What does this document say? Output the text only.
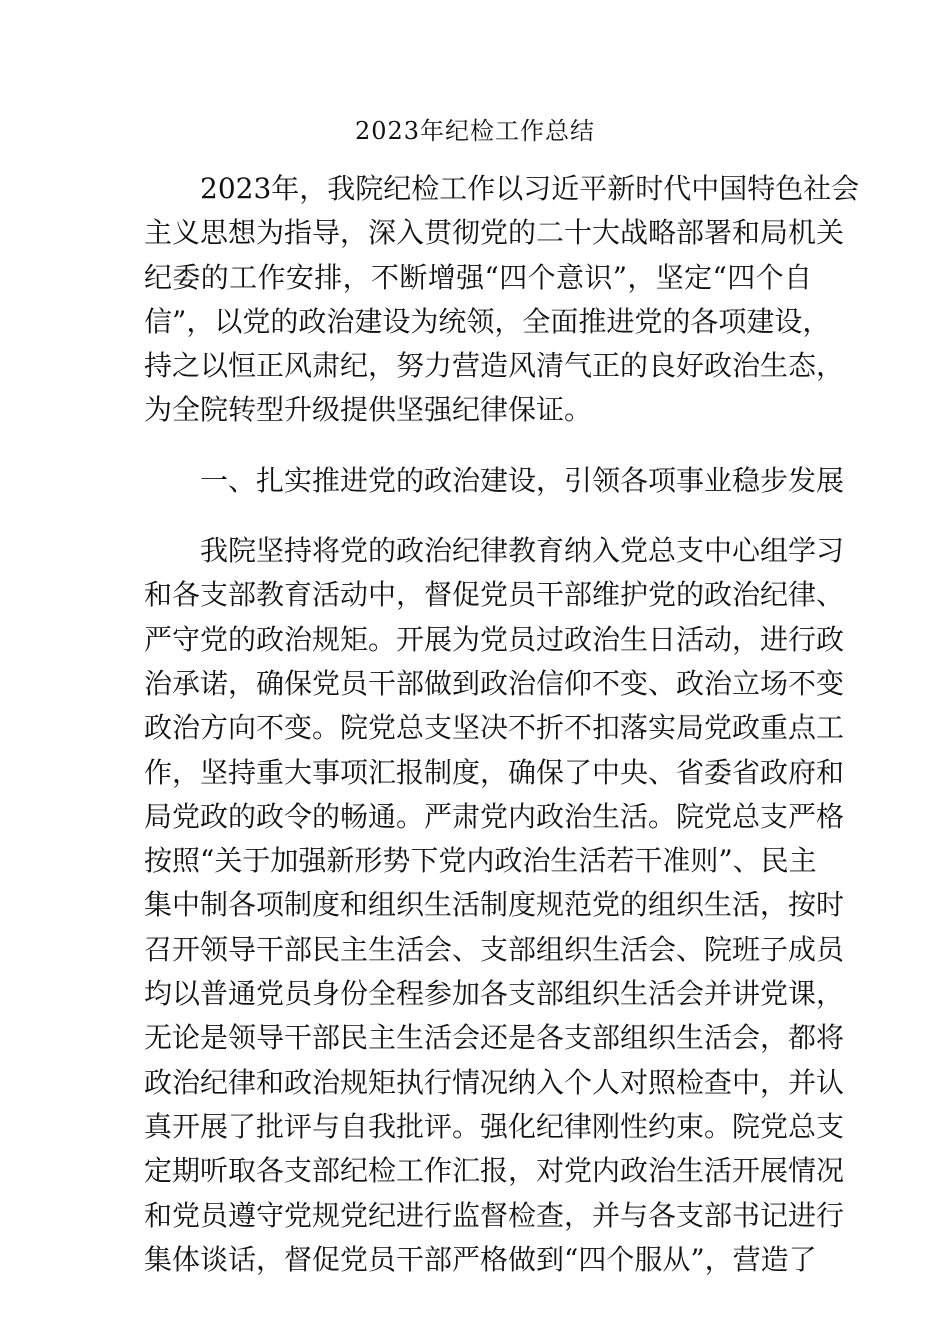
2023年纪检工作总结

2023年，我院纪检工作以习近平新时代中国特色社会
主义思想为指导，深入贯彻党的二十大战略部署和局机关
纪委的工作安排，不断增强“四个意识”，坚定“四个自
信”，以党的政治建设为统领，全面推进党的各项建设，
持之以恒正风肃纪，努力营造风清气正的良好政治生态，
为全院转型升级提供坚强纪律保证。

一、扎实推进党的政治建设，引领各项事业稳步发展

我院坚持将党的政治纪律教育纳入党总支中心组学习
和各支部教育活动中，督促党员干部维护党的政治纪律、
严守党的政治规矩。开展为党员过政治生日活动，进行政
治承诺，确保党员干部做到政治信仰不变、政治立场不变
政治方向不变。院党总支坚决不折不扣落实局党政重点工
作，坚持重大事项汇报制度，确保了中央、省委省政府和
局党政的政令的畅通。严肃党内政治生活。院党总支严格
按照“关于加强新形势下党内政治生活若干准则”、民主
集中制各项制度和组织生活制度规范党的组织生活，按时
召开领导干部民主生活会、支部组织生活会、院班子成员
均以普通党员身份全程参加各支部组织生活会并讲党课，
无论是领导干部民主生活会还是各支部组织生活会，都将
政治纪律和政治规矩执行情况纳入个人对照检查中，并认
真开展了批评与自我批评。强化纪律刚性约束。院党总支
定期听取各支部纪检工作汇报，对党内政治生活开展情况
和党员遵守党规党纪进行监督检查，并与各支部书记进行
集体谈话，督促党员干部严格做到“四个服从”，营造了
